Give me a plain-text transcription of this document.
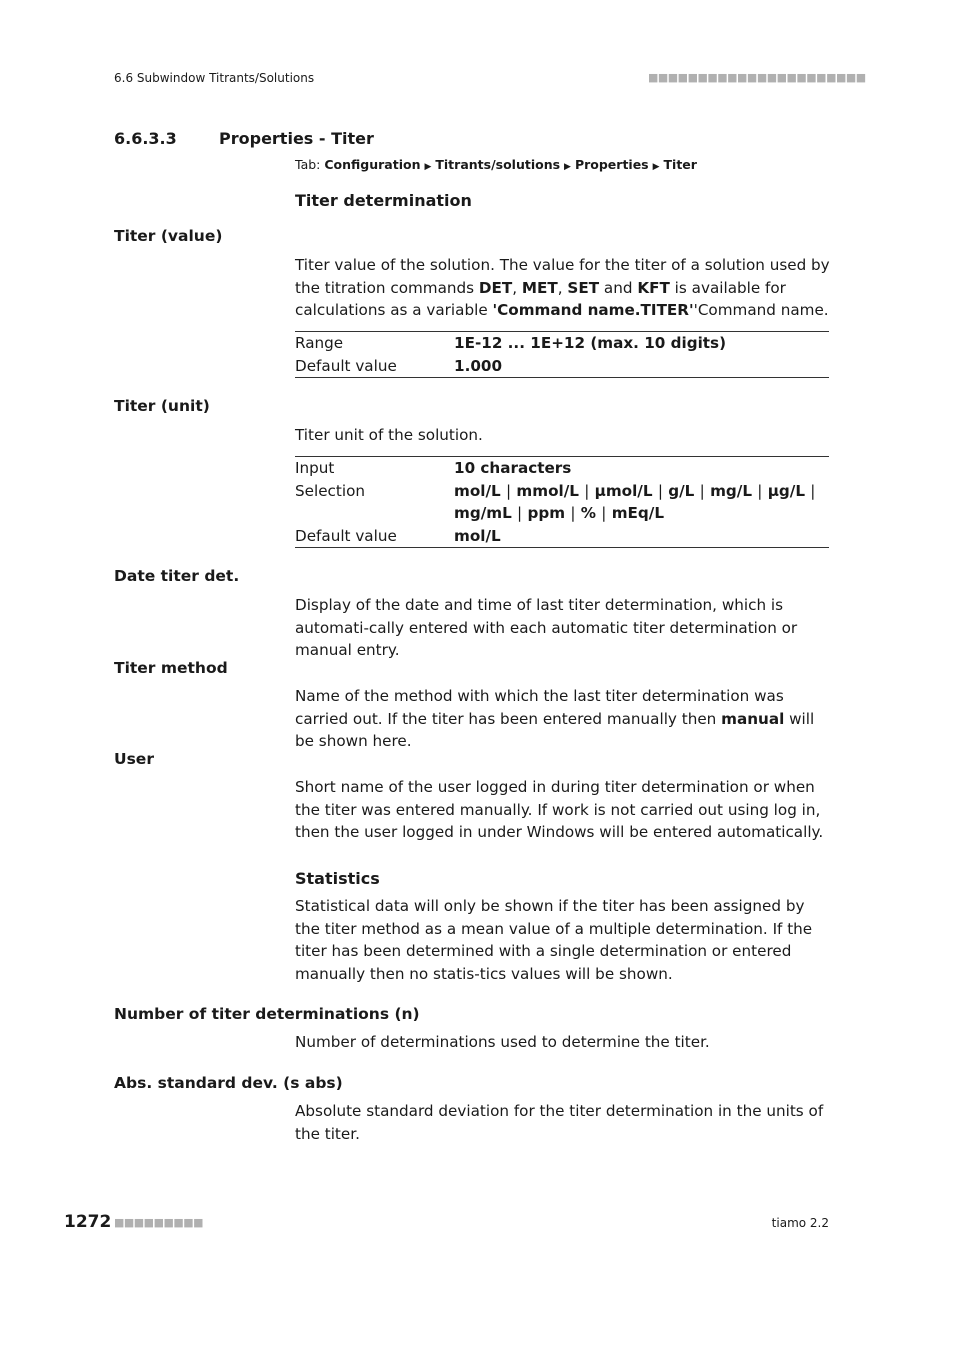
6.6 Subwindow Titrants/Solutions	■■■■■■■■■■■■■■■■■■■■■■
6.6.3.3	Properties - Titer
Tab: Configuration ▶ Titrants/solutions ▶ Properties ▶ Titer
Titer determination
Titer (value)
Titer value of the solution. The value for the titer of a solution used by the titration commands DET, MET, SET and KFT is available for calculations as a variable 'Command name.TITER''Command name.
Range	1E-12 ... 1E+12 (max. 10 digits)
Default value	1.000
Titer (unit)
Titer unit of the solution.
Input	10 characters
Selection	mol/L | mmol/L | µmol/L | g/L | mg/L | µg/L |
mg/mL | ppm | % | mEq/L
Default value	mol/L
Date titer det.
Display of the date and time of last titer determination, which is automati-cally entered with each automatic titer determination or manual entry.
Titer method
Name of the method with which the last titer determination was carried out. If the titer has been entered manually then manual will be shown here.
User
Short name of the user logged in during titer determination or when the titer was entered manually. If work is not carried out using log in, then the user logged in under Windows will be entered automatically.
Statistics
Statistical data will only be shown if the titer has been assigned by the titer method as a mean value of a multiple determination. If the titer has been determined with a single determination or entered manually then no statis-tics values will be shown.
Number of titer determinations (n)
Number of determinations used to determine the titer.
Abs. standard dev. (s abs)
Absolute standard deviation for the titer determination in the units of the titer.
1272 ■■■■■■■■■	tiamo 2.2
